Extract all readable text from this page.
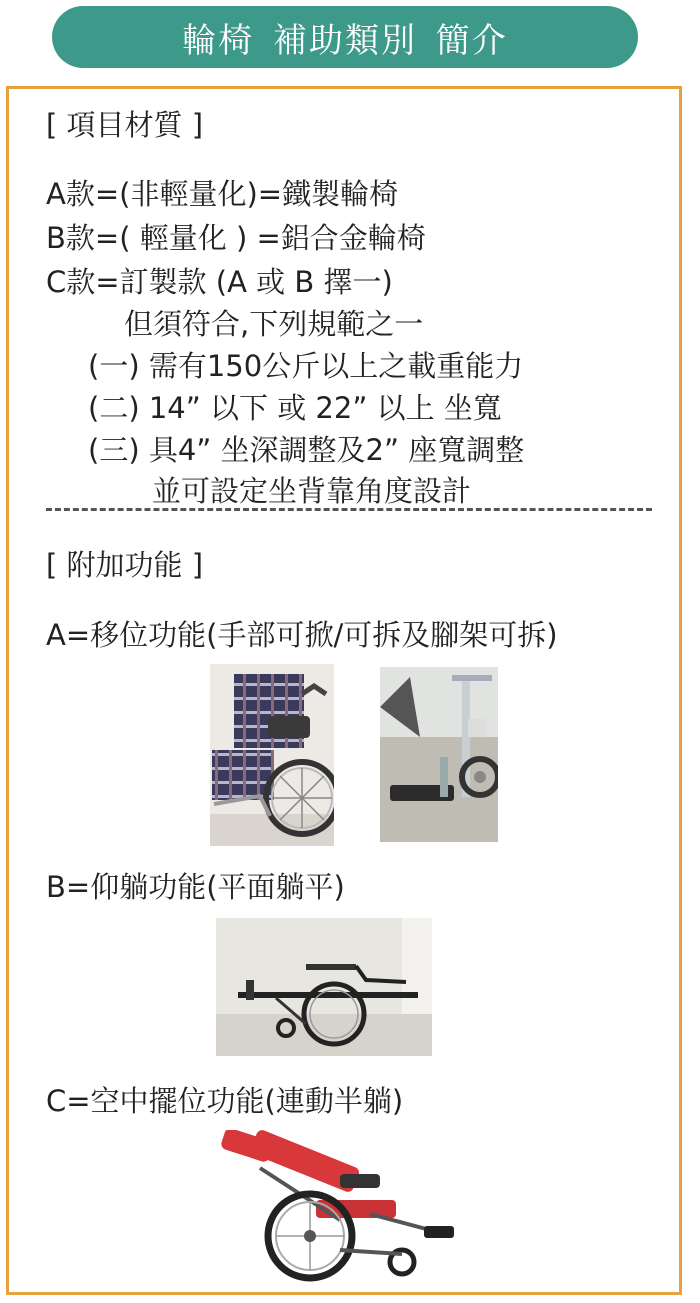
輪椅 補助類別 簡介
[ 項目材質 ]
A款=(非輕量化)=鐵製輪椅
B款=( 輕量化 ) =鋁合金輪椅
C款=訂製款 (A 或 B 擇一)
但須符合,下列規範之一
(一) 需有150公斤以上之載重能力
(二) 14” 以下 或 22” 以上 坐寬
(三) 具4” 坐深調整及2” 座寬調整
並可設定坐背靠角度設計
[ 附加功能 ]
A=移位功能(手部可掀/可拆及腳架可拆)
B=仰躺功能(平面躺平)
C=空中擺位功能(連動半躺)
